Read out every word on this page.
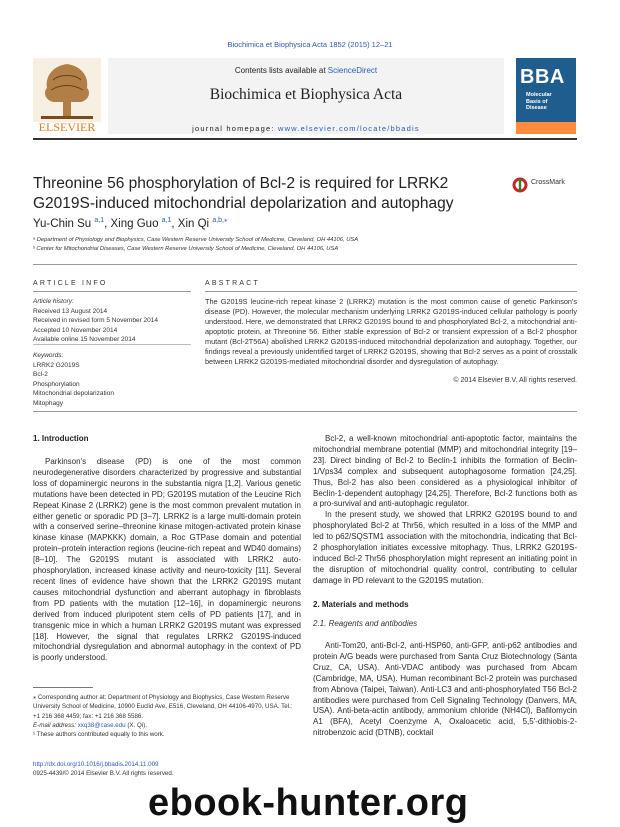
Biochimica et Biophysica Acta 1852 (2015) 12–21
ELSEVIER
Contents lists available at ScienceDirect
Biochimica et Biophysica Acta
journal homepage: www.elsevier.com/locate/bbadis
BBA
Molecular
Basis of
Disease
Threonine 56 phosphorylation of Bcl-2 is required for LRRK2 G2019S-induced mitochondrial depolarization and autophagy
CrossMark
Yu-Chin Su $^{a,1}$, Xing Guo $^{a,1}$, Xin Qi $^{a,b,⁎}$
ᵃ Department of Physiology and Biophysics, Case Western Reserve University School of Medicine, Cleveland, OH 44106, USA
ᵇ Center for Mitochondrial Diseases, Case Western Reserve University School of Medicine, Cleveland, OH 44106, USA
ARTICLE INFO	ABSTRACT
Article history:
Received 13 August 2014
Received in revised form 5 November 2014
Accepted 10 November 2014
Available online 15 November 2014
Keywords:
LRRK2 G2019S
Bcl-2
Phosphorylation
Mitochondrial depolarization
Mitophagy

The G2019S leucine-rich repeat kinase 2 (LRRK2) mutation is the most common cause of genetic Parkinson's disease (PD). However, the molecular mechanism underlying LRRK2 G2019S-induced cellular pathology is poorly understood. Here, we demonstrated that LRRK2 G2019S bound to and phosphorylated Bcl-2, a mitochondrial anti-apoptotic protein, at Threonine 56. Either stable expression of Bcl-2 or transient expression of a Bcl-2 phosphor mutant (Bcl-2T56A) abolished LRRK2 G2019S-induced mitochondrial depolarization and autophagy. Together, our findings reveal a previously unidentified target of LRRK2 G2019S, showing that Bcl-2 serves as a point of crosstalk between LRRK2 G2019S-mediated mitochondrial disorder and dysregulation of autophagy.

© 2014 Elsevier B.V. All rights reserved.
1. Introduction

Parkinson's disease (PD) is one of the most common neurodegenerative disorders characterized by progressive and substantial loss of dopaminergic neurons in the substantia nigra [1,2]. Various genetic mutations have been detected in PD; G2019S mutation of the Leucine Rich Repeat Kinase 2 (LRRK2) gene is the most common prevalent mutation in either genetic or sporadic PD [3–7]. LRRK2 is a large multi-domain protein with a conserved serine–threonine kinase mitogen-activated protein kinase kinase kinase (MAPKKK) domain, a Roc GTPase domain and potential protein–protein interaction regions (leucine-rich repeat and WD40 domains) [8–10]. The G2019S mutant is associated with LRRK2 auto-phosphorylation, increased kinase activity and neuro-toxicity [11]. Several recent lines of evidence have shown that the LRRK2 G2019S mutant causes mitochondrial dysfunction and aberrant autophagy in fibroblasts from PD patients with the mutation [12–16], in dopaminergic neurons derived from induced pluripotent stem cells of PD patients [17], and in transgenic mice in which a human LRRK2 G2019S mutant was expressed [18]. However, the signal that regulates LRRK2 G2019S-induced mitochondrial dysregulation and abnormal autophagy in the context of PD is poorly understood.

Bcl-2, a well-known mitochondrial anti-apoptotic factor, maintains the mitochondrial membrane potential (MMP) and mitochondrial integrity [19–23]. Direct binding of Bcl-2 to Beclin-1 inhibits the formation of Beclin-1/Vps34 complex and subsequent autophagosome formation [24,25]. Thus, Bcl-2 has also been considered as a physiological inhibitor of Beclin-1-dependent autophagy [24,25]. Therefore, Bcl-2 functions both as a pro-survival and anti-autophagic regulator.

In the present study, we showed that LRRK2 G2019S bound to and phosphorylated Bcl-2 at Thr56, which resulted in a loss of the MMP and led to p62/SQSTM1 association with the mitochondria, indicating that Bcl-2 phosphorylation initiates excessive mitophagy. Thus, LRRK2 G2019S-induced Bcl-2 Thr56 phosphorylation might represent an initiating point in the disruption of mitochondrial quality control, contributing to cellular damage in PD relevant to the G2019S mutation.

2. Materials and methods
2.1. Reagents and antibodies

Anti-Tom20, anti-Bcl-2, anti-HSP60, anti-GFP, anti-p62 antibodies and protein A/G beads were purchased from Santa Cruz Biotechnology (Santa Cruz, CA, USA). Anti-VDAC antibody was purchased from Abcam (Cambridge, MA, USA). Human recombinant Bcl-2 protein was purchased from Abnova (Taipei, Taiwan). Anti-LC3 and anti-phosphorylated T56 Bcl-2 antibodies were purchased from Cell Signaling Technology (Danvers, MA, USA). Anti-beta-actin antibody, ammonium chloride (NH4Cl), Bafilomycin A1 (BFA), Acetyl Coenzyme A, Oxaloacetic acid, 5,5′-dithiobis-2-nitrobenzoic acid (DTNB), cocktail

⁎ Corresponding author at: Department of Physiology and Biophysics, Case Western Reserve University School of Medicine, 10900 Euclid Ave, E516, Cleveland, OH 44106-4970, USA. Tel.: +1 216 368 4459; fax: +1 216 368 5586.

E-mail address: xxq38@case.edu (X. Qi).

¹ These authors contributed equally to this work.

http://dx.doi.org/10.1016/j.bbadis.2014.11.009
0925-4439/© 2014 Elsevier B.V. All rights reserved.
ebook-hunter.org
